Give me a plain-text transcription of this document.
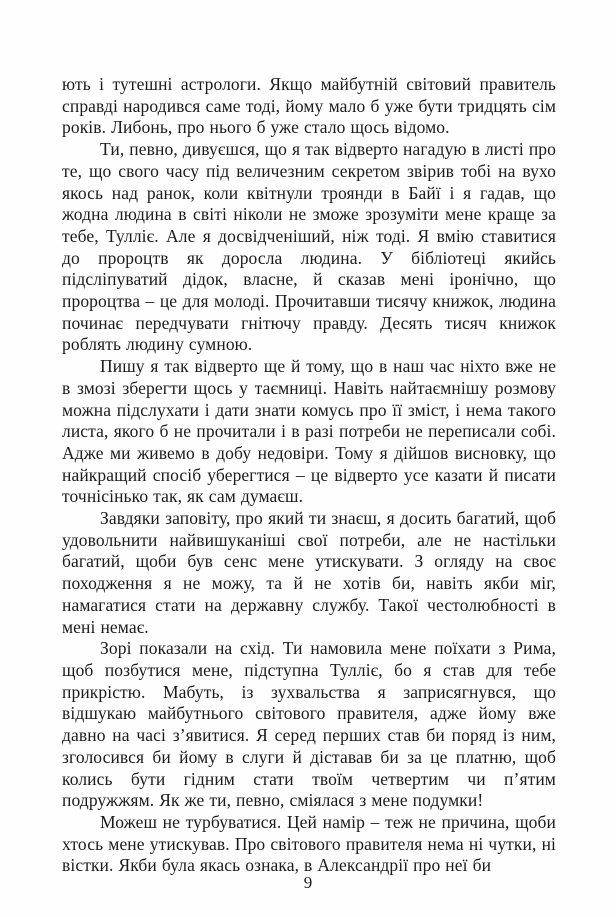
ють і тутешні астрологи. Якщо майбутній світовий правитель справді народився саме тоді, йому мало б уже бути тридцять сім років. Либонь, про нього б уже стало щось відомо.

Ти, певно, дивуєшся, що я так відверто нагадую в листі про те, що свого часу під величезним секретом звірив тобі на вухо якось над ранок, коли квітнули троянди в Байї і я гадав, що жодна людина в світі ніколи не зможе зрозуміти мене краще за тебе, Тулліє. Але я досвідченіший, ніж тоді. Я вмію ставитися до пророцтв як доросла людина. У бібліотеці якийсь підсліпуватий дідок, власне, й сказав мені іронічно, що пророцтва – це для молоді. Прочитавши тисячу книжок, людина починає передчувати гнітючу правду. Десять тисяч книжок роблять людину сумною.

Пишу я так відверто ще й тому, що в наш час ніхто вже не в змозі зберегти щось у таємниці. Навіть найтаємнішу розмову можна підслухати і дати знати комусь про її зміст, і нема такого листа, якого б не прочитали і в разі потреби не переписали собі. Адже ми живемо в добу недовіри. Тому я дійшов висновку, що найкращий спосіб уберегтися – це відверто усе казати й писати точнісінько так, як сам думаєш.

Завдяки заповіту, про який ти знаєш, я досить багатий, щоб удовольнити найвишуканіші свої потреби, але не настільки багатий, щоби був сенс мене утискувати. З огляду на своє походження я не можу, та й не хотів би, навіть якби міг, намагатися стати на державну службу. Такої честолюбності в мені немає.

Зорі показали на схід. Ти намовила мене поїхати з Рима, щоб позбутися мене, підступна Тулліє, бо я став для тебе прикрістю. Мабуть, із зухвальства я заприсягнувся, що відшукаю майбутнього світового правителя, адже йому вже давно на часі з’явитися. Я серед перших став би поряд із ним, зголосився би йому в слуги й діставав би за це платню, щоб колись бути гідним стати твоїм четвертим чи п’ятим подружжям. Як же ти, певно, сміялася з мене подумки!

Можеш не турбуватися. Цей намір – теж не причина, щоби хтось мене утискував. Про світового правителя нема ні чутки, ні вістки. Якби була якась ознака, в Александрії про неї би

9
